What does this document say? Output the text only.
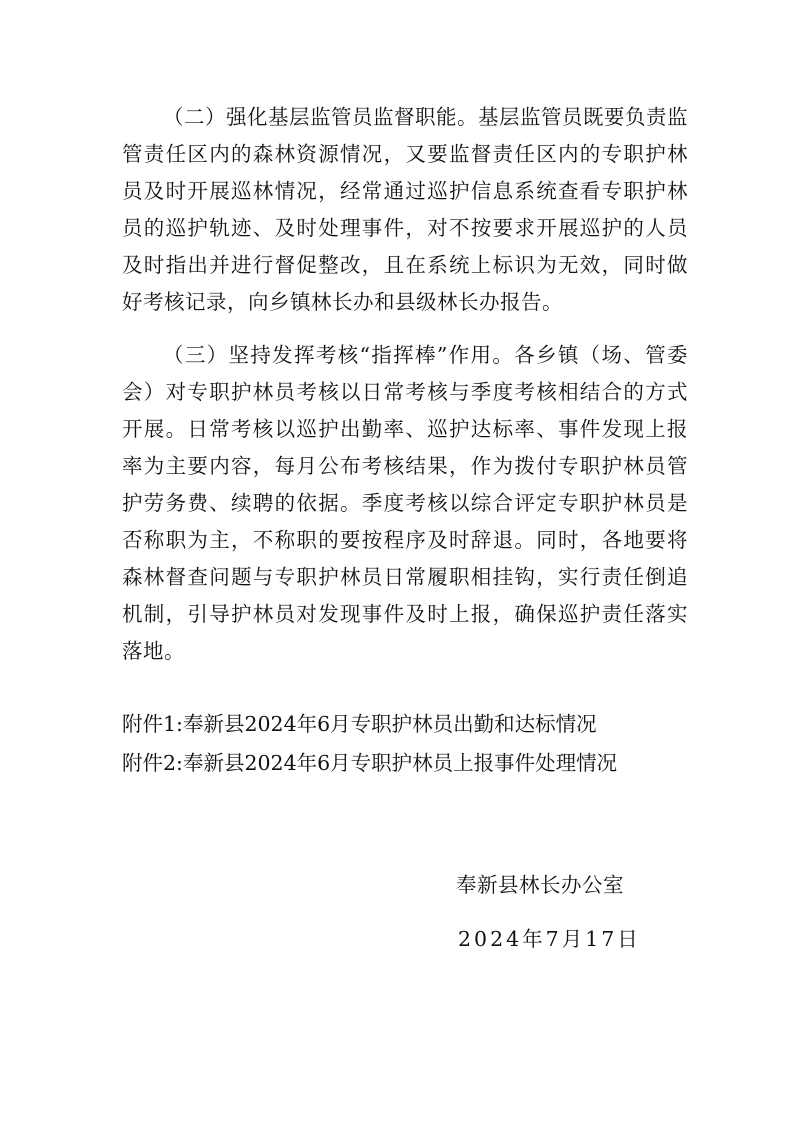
（二）强化基层监管员监督职能。基层监管员既要负责监管责任区内的森林资源情况，又要监督责任区内的专职护林员及时开展巡林情况，经常通过巡护信息系统查看专职护林员的巡护轨迹、及时处理事件，对不按要求开展巡护的人员及时指出并进行督促整改，且在系统上标识为无效，同时做好考核记录，向乡镇林长办和县级林长办报告。

（三）坚持发挥考核“指挥棒”作用。各乡镇（场、管委会）对专职护林员考核以日常考核与季度考核相结合的方式开展。日常考核以巡护出勤率、巡护达标率、事件发现上报率为主要内容，每月公布考核结果，作为拨付专职护林员管护劳务费、续聘的依据。季度考核以综合评定专职护林员是否称职为主，不称职的要按程序及时辞退。同时，各地要将森林督查问题与专职护林员日常履职相挂钩，实行责任倒追机制，引导护林员对发现事件及时上报，确保巡护责任落实落地。

附件1:奉新县2024年6月专职护林员出勤和达标情况

附件2:奉新县2024年6月专职护林员上报事件处理情况

奉新县林长办公室
2024年7月17日
